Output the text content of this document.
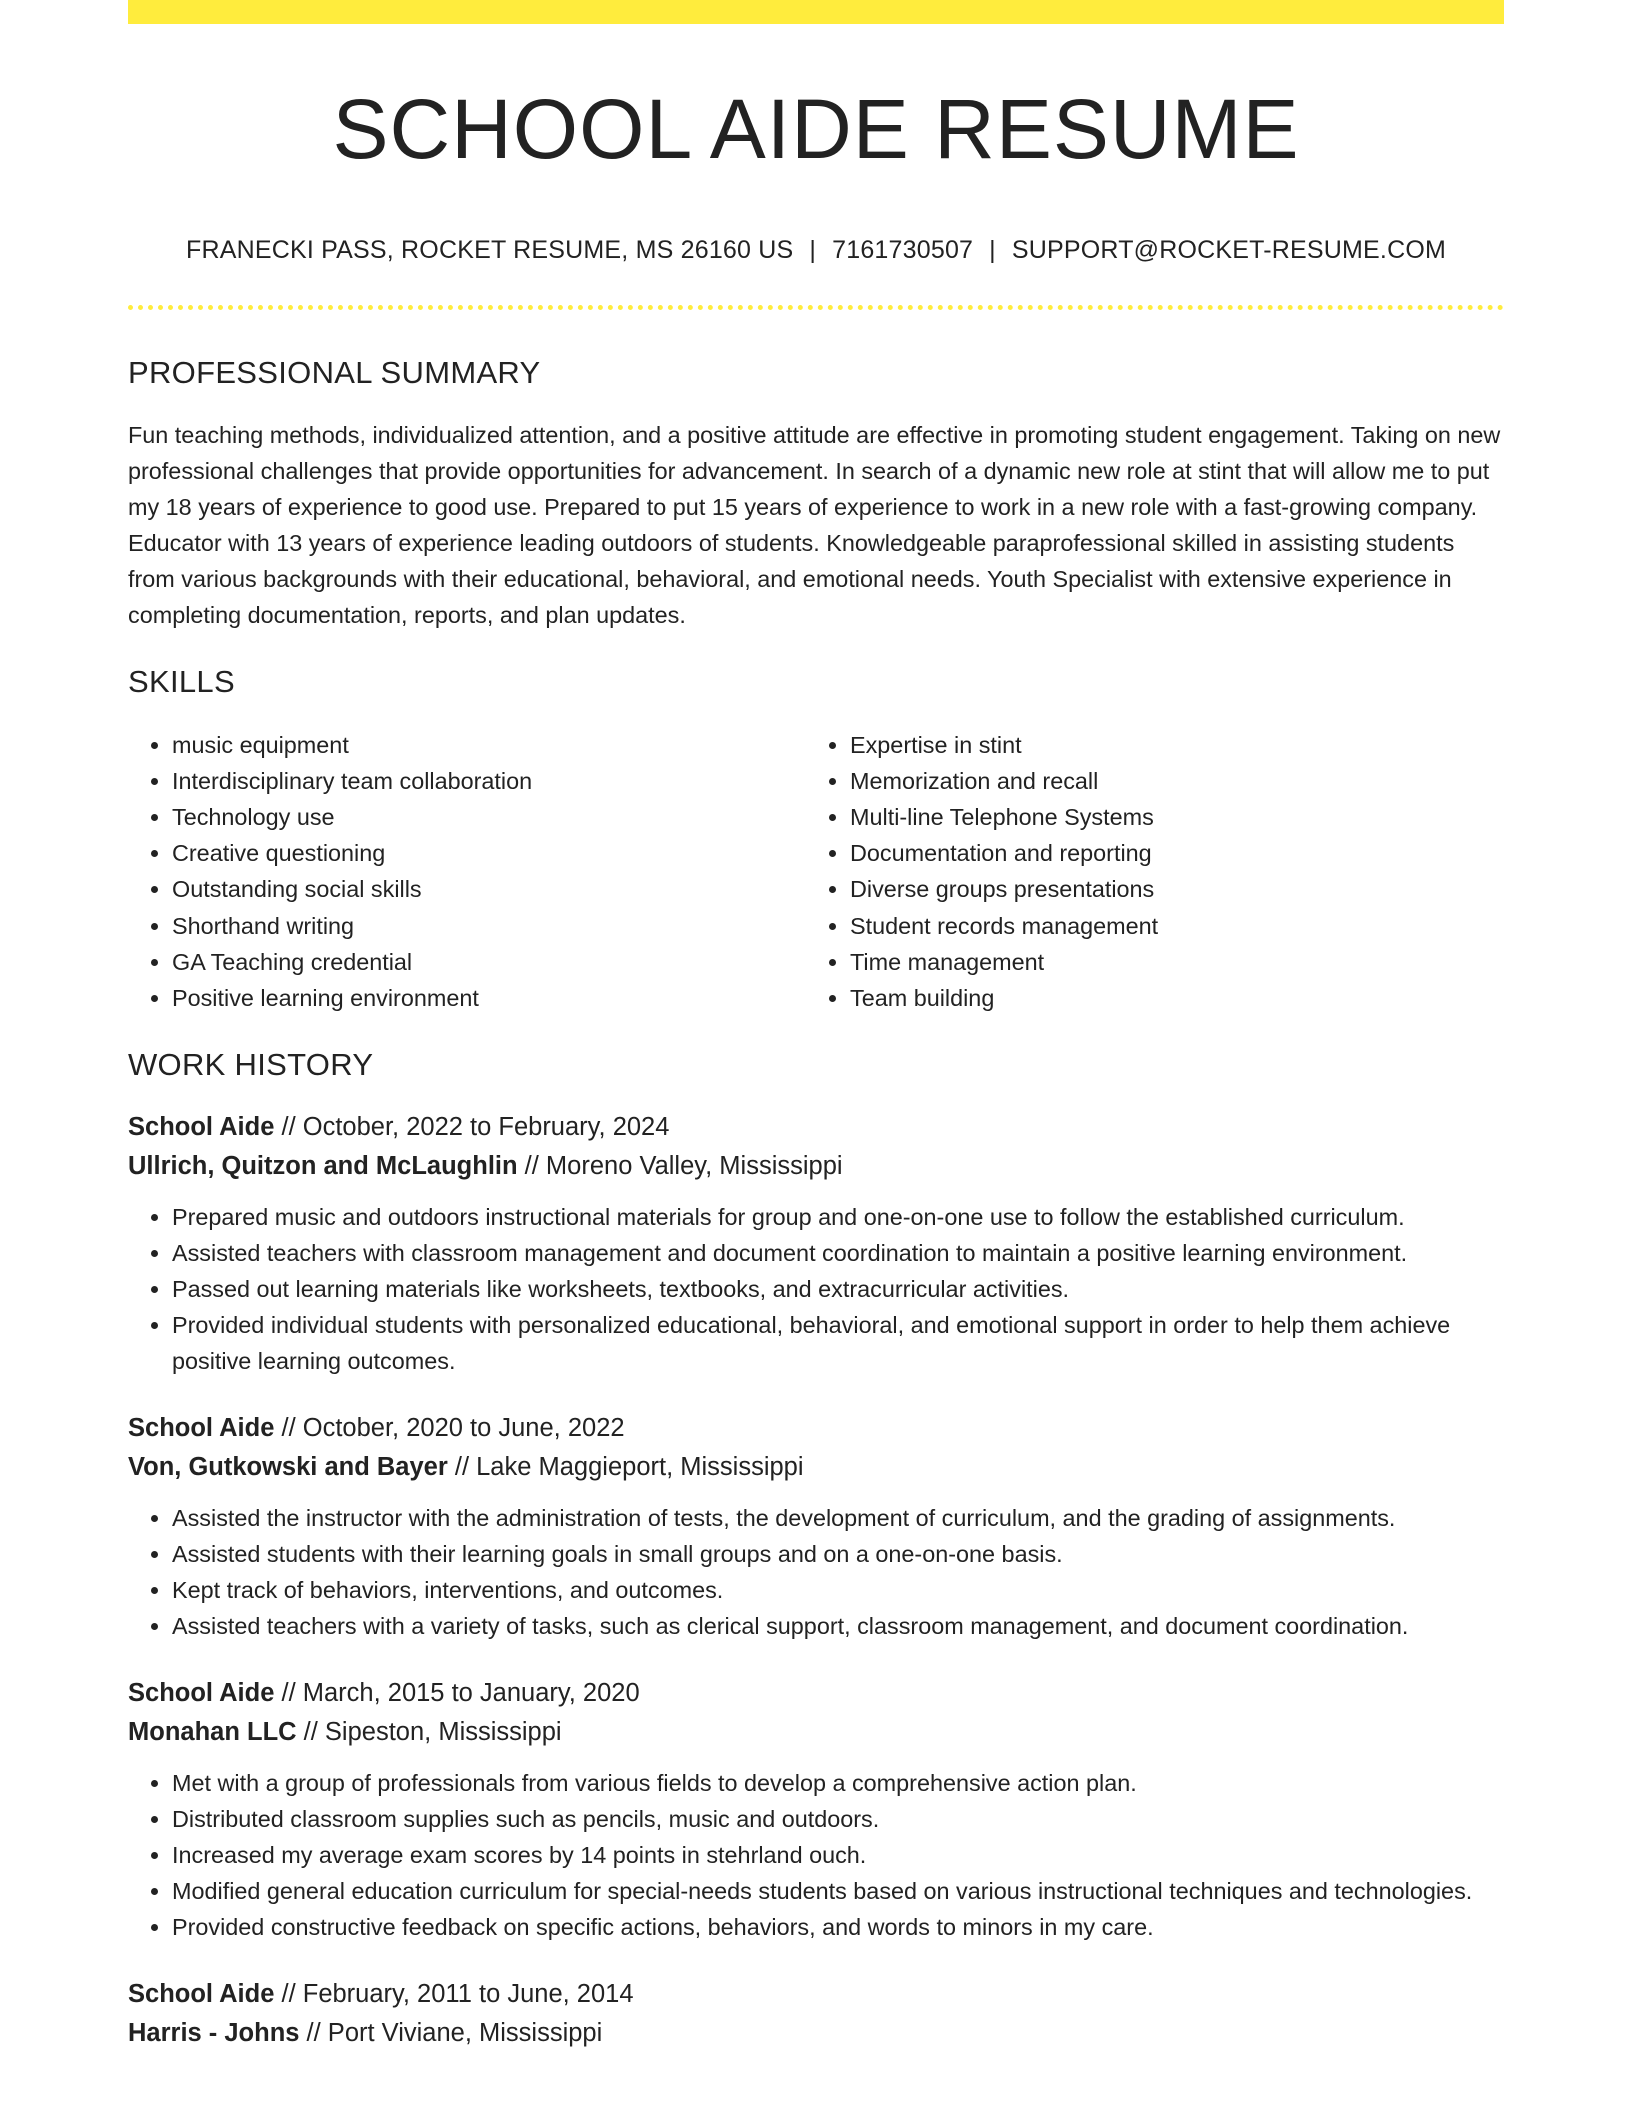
SCHOOL AIDE RESUME
FRANECKI PASS, ROCKET RESUME, MS 26160 US | 7161730507 | SUPPORT@ROCKET-RESUME.COM
PROFESSIONAL SUMMARY
Fun teaching methods, individualized attention, and a positive attitude are effective in promoting student engagement. Taking on new professional challenges that provide opportunities for advancement. In search of a dynamic new role at stint that will allow me to put my 18 years of experience to good use. Prepared to put 15 years of experience to work in a new role with a fast-growing company. Educator with 13 years of experience leading outdoors of students. Knowledgeable paraprofessional skilled in assisting students from various backgrounds with their educational, behavioral, and emotional needs. Youth Specialist with extensive experience in completing documentation, reports, and plan updates.
SKILLS
• music equipment
• Interdisciplinary team collaboration
• Technology use
• Creative questioning
• Outstanding social skills
• Shorthand writing
• GA Teaching credential
• Positive learning environment
• Expertise in stint
• Memorization and recall
• Multi-line Telephone Systems
• Documentation and reporting
• Diverse groups presentations
• Student records management
• Time management
• Team building
WORK HISTORY
School Aide // October, 2022 to February, 2024
Ullrich, Quitzon and McLaughlin // Moreno Valley, Mississippi
• Prepared music and outdoors instructional materials for group and one-on-one use to follow the established curriculum.
• Assisted teachers with classroom management and document coordination to maintain a positive learning environment.
• Passed out learning materials like worksheets, textbooks, and extracurricular activities.
• Provided individual students with personalized educational, behavioral, and emotional support in order to help them achieve positive learning outcomes.
School Aide // October, 2020 to June, 2022
Von, Gutkowski and Bayer // Lake Maggieport, Mississippi
• Assisted the instructor with the administration of tests, the development of curriculum, and the grading of assignments.
• Assisted students with their learning goals in small groups and on a one-on-one basis.
• Kept track of behaviors, interventions, and outcomes.
• Assisted teachers with a variety of tasks, such as clerical support, classroom management, and document coordination.
School Aide // March, 2015 to January, 2020
Monahan LLC // Sipeston, Mississippi
• Met with a group of professionals from various fields to develop a comprehensive action plan.
• Distributed classroom supplies such as pencils, music and outdoors.
• Increased my average exam scores by 14 points in stehrland ouch.
• Modified general education curriculum for special-needs students based on various instructional techniques and technologies.
• Provided constructive feedback on specific actions, behaviors, and words to minors in my care.
School Aide // February, 2011 to June, 2014
Harris - Johns // Port Viviane, Mississippi
